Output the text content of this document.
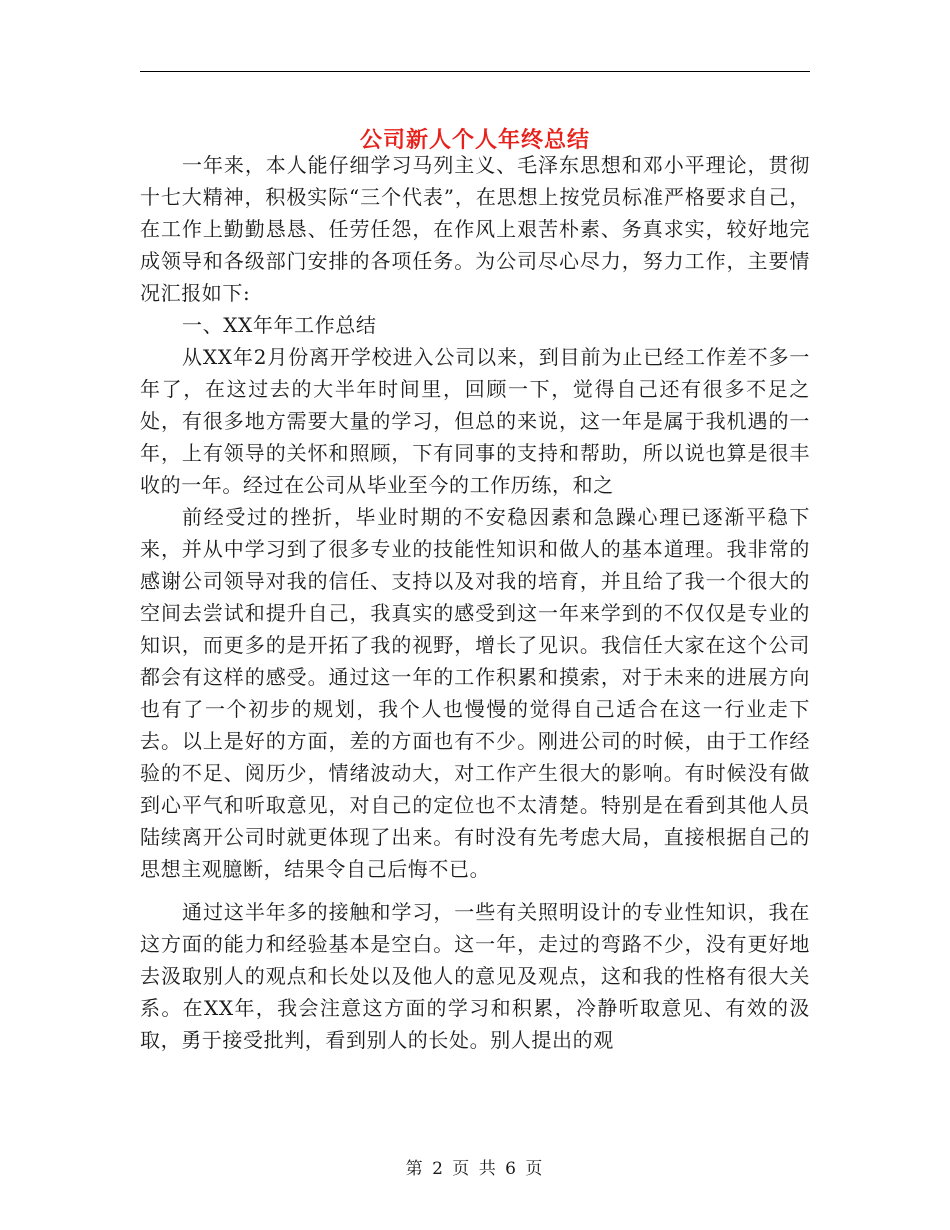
公司新人个人年终总结

一年来，本人能仔细学习马列主义、毛泽东思想和邓小平理论，贯彻十七大精神，积极实际“三个代表”，在思想上按党员标准严格要求自己，在工作上勤勤恳恳、任劳任怨，在作风上艰苦朴素、务真求实，较好地完成领导和各级部门安排的各项任务。为公司尽心尽力，努力工作，主要情况汇报如下:

一、XX年年工作总结

从XX年2月份离开学校进入公司以来，到目前为止已经工作差不多一年了，在这过去的大半年时间里，回顾一下，觉得自己还有很多不足之处，有很多地方需要大量的学习，但总的来说，这一年是属于我机遇的一年，上有领导的关怀和照顾，下有同事的支持和帮助，所以说也算是很丰收的一年。经过在公司从毕业至今的工作历练，和之

前经受过的挫折，毕业时期的不安稳因素和急躁心理已逐渐平稳下来，并从中学习到了很多专业的技能性知识和做人的基本道理。我非常的感谢公司领导对我的信任、支持以及对我的培育，并且给了我一个很大的空间去尝试和提升自己，我真实的感受到这一年来学到的不仅仅是专业的知识，而更多的是开拓了我的视野，增长了见识。我信任大家在这个公司都会有这样的感受。通过这一年的工作积累和摸索，对于未来的进展方向也有了一个初步的规划，我个人也慢慢的觉得自己适合在这一行业走下去。以上是好的方面，差的方面也有不少。刚进公司的时候，由于工作经验的不足、阅历少，情绪波动大，对工作产生很大的影响。有时候没有做到心平气和听取意见，对自己的定位也不太清楚。特别是在看到其他人员陆续离开公司时就更体现了出来。有时没有先考虑大局，直接根据自己的思想主观臆断，结果令自己后悔不已。

通过这半年多的接触和学习，一些有关照明设计的专业性知识，我在这方面的能力和经验基本是空白。这一年，走过的弯路不少，没有更好地去汲取别人的观点和长处以及他人的意见及观点，这和我的性格有很大关系。在XX年，我会注意这方面的学习和积累，冷静听取意见、有效的汲取，勇于接受批判，看到别人的长处。别人提出的观

第 2 页 共 6 页
